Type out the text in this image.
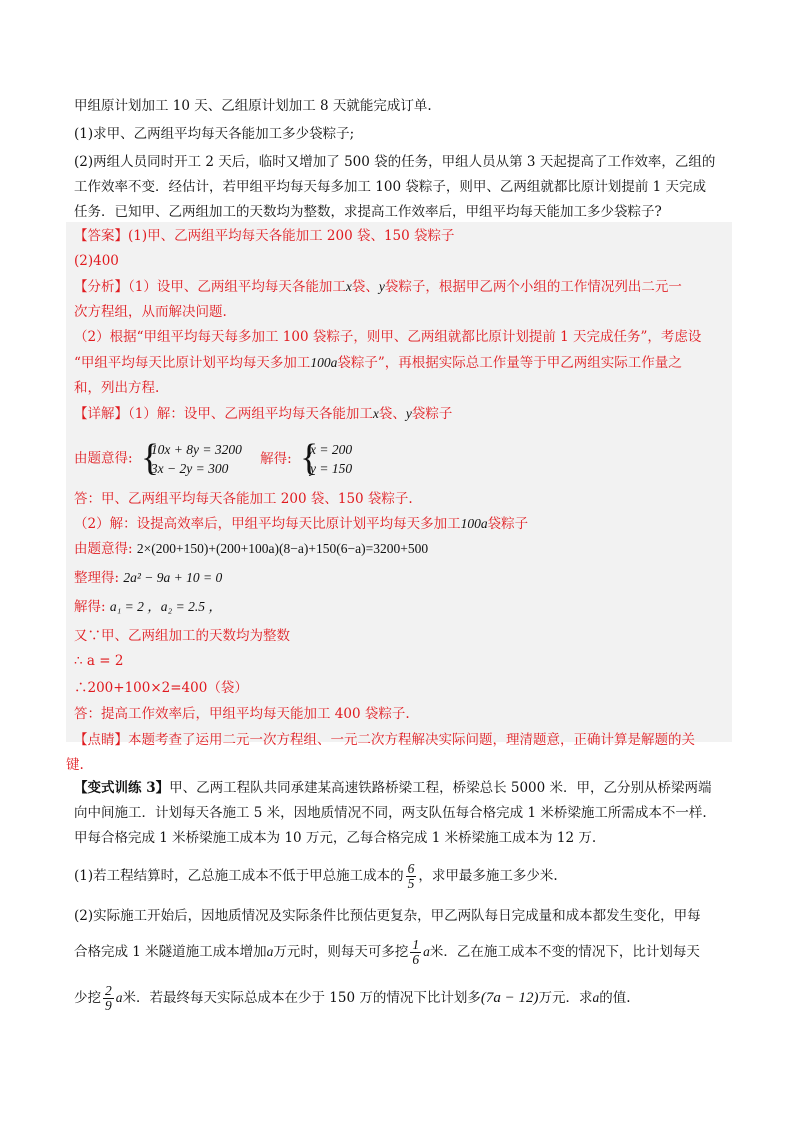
甲组原计划加工 10 天、乙组原计划加工 8 天就能完成订单.
(1)求甲、乙两组平均每天各能加工多少袋粽子;
(2)两组人员同时开工 2 天后，临时又增加了 500 袋的任务，甲组人员从第 3 天起提高了工作效率，乙组的
工作效率不变．经估计，若甲组平均每天每多加工 100 袋粽子，则甲、乙两组就都比原计划提前 1 天完成
任务．已知甲、乙两组加工的天数均为整数，求提高工作效率后，甲组平均每天能加工多少袋粽子?
【答案】(1)甲、乙两组平均每天各能加工 200 袋、150 袋粽子
(2)400
【分析】（1）设甲、乙两组平均每天各能加工x袋、y袋粽子，根据甲乙两个小组的工作情况列出二元一
次方程组，从而解决问题.
（2）根据“甲组平均每天每多加工 100 袋粽子，则甲、乙两组就都比原计划提前 1 天完成任务”，考虑设
“甲组平均每天比原计划平均每天多加工100a袋粽子”，再根据实际总工作量等于甲乙两组实际工作量之
和，列出方程.
【详解】（1）解：设甲、乙两组平均每天各能加工x袋、y袋粽子
由题意得:
{ 10x + 8y = 3200
3x − 2y = 300
解得:
{ x = 200
y = 150
答：甲、乙两组平均每天各能加工 200 袋、150 袋粽子.
（2）解：设提高效率后，甲组平均每天比原计划平均每天多加工100a袋粽子
由题意得: 2×(200+150)+(200+100a)(8−a)+150(6−a)=3200+500
整理得: 2a² − 9a + 10 = 0
解得: a₁ = 2 ，a₂ = 2.5 ，
又∵甲、乙两组加工的天数均为整数
∴ a = 2
∴200+100×2=400（袋）
答：提高工作效率后，甲组平均每天能加工 400 袋粽子.
【点睛】本题考查了运用二元一次方程组、一元二次方程解决实际问题，理清题意，正确计算是解题的关
键.
【变式训练 3】甲、乙两工程队共同承建某高速铁路桥梁工程，桥梁总长 5000 米．甲，乙分别从桥梁两端
向中间施工．计划每天各施工 5 米，因地质情况不同，两支队伍每合格完成 1 米桥梁施工所需成本不一样.
甲每合格完成 1 米桥梁施工成本为 10 万元，乙每合格完成 1 米桥梁施工成本为 12 万.
(1)若工程结算时，乙总施工成本不低于甲总施工成本的 $\frac{6}{5}$ ，求甲最多施工多少米.
(2)实际施工开始后，因地质情况及实际条件比预估更复杂，甲乙两队每日完成量和成本都发生变化，甲每
合格完成 1 米隧道施工成本增加a万元时，则每天可多挖 $\frac{1}{6}$ a米．乙在施工成本不变的情况下，比计划每天
少挖 $\frac{2}{9}$ a米．若最终每天实际总成本在少于 150 万的情况下比计划多(7a − 12)万元．求a的值.
